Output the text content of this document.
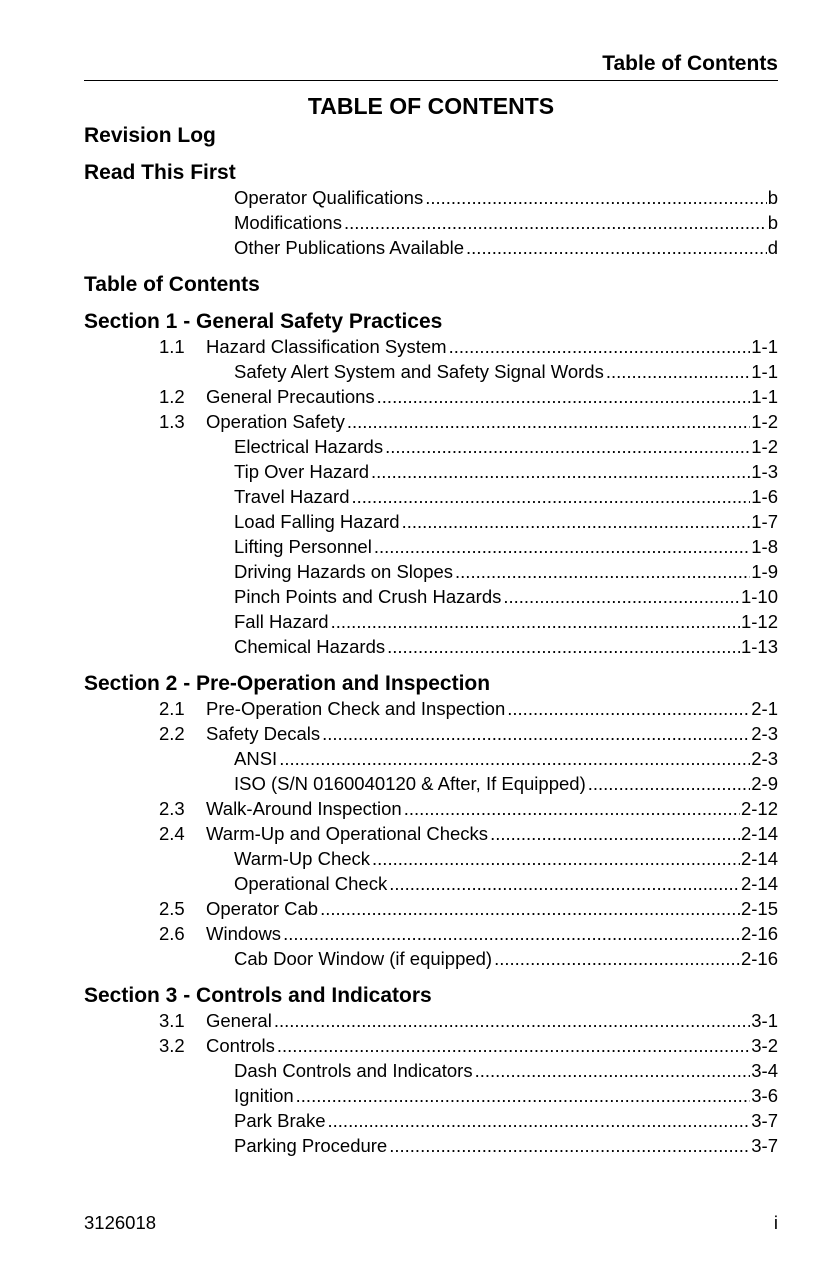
Table of Contents
TABLE OF CONTENTS
Revision Log
Read This First
Operator Qualifications .....	b
Modifications .....	b
Other Publications Available .....	d
Table of Contents
Section 1 - General Safety Practices
1.1 Hazard Classification System .....	1-1
Safety Alert System and Safety Signal Words .....	1-1
1.2 General Precautions .....	1-1
1.3 Operation Safety .....	1-2
Electrical Hazards .....	1-2
Tip Over Hazard .....	1-3
Travel Hazard .....	1-6
Load Falling Hazard .....	1-7
Lifting Personnel .....	1-8
Driving Hazards on Slopes .....	1-9
Pinch Points and Crush Hazards .....	1-10
Fall Hazard .....	1-12
Chemical Hazards .....	1-13
Section 2 - Pre-Operation and Inspection
2.1 Pre-Operation Check and Inspection .....	2-1
2.2 Safety Decals .....	2-3
ANSI .....	2-3
ISO (S/N 0160040120 & After, If Equipped) .....	2-9
2.3 Walk-Around Inspection .....	2-12
2.4 Warm-Up and Operational Checks .....	2-14
Warm-Up Check .....	2-14
Operational Check .....	2-14
2.5 Operator Cab .....	2-15
2.6 Windows .....	2-16
Cab Door Window (if equipped) .....	2-16
Section 3 - Controls and Indicators
3.1 General .....	3-1
3.2 Controls .....	3-2
Dash Controls and Indicators .....	3-4
Ignition .....	3-6
Park Brake .....	3-7
Parking Procedure .....	3-7
3126018	i
